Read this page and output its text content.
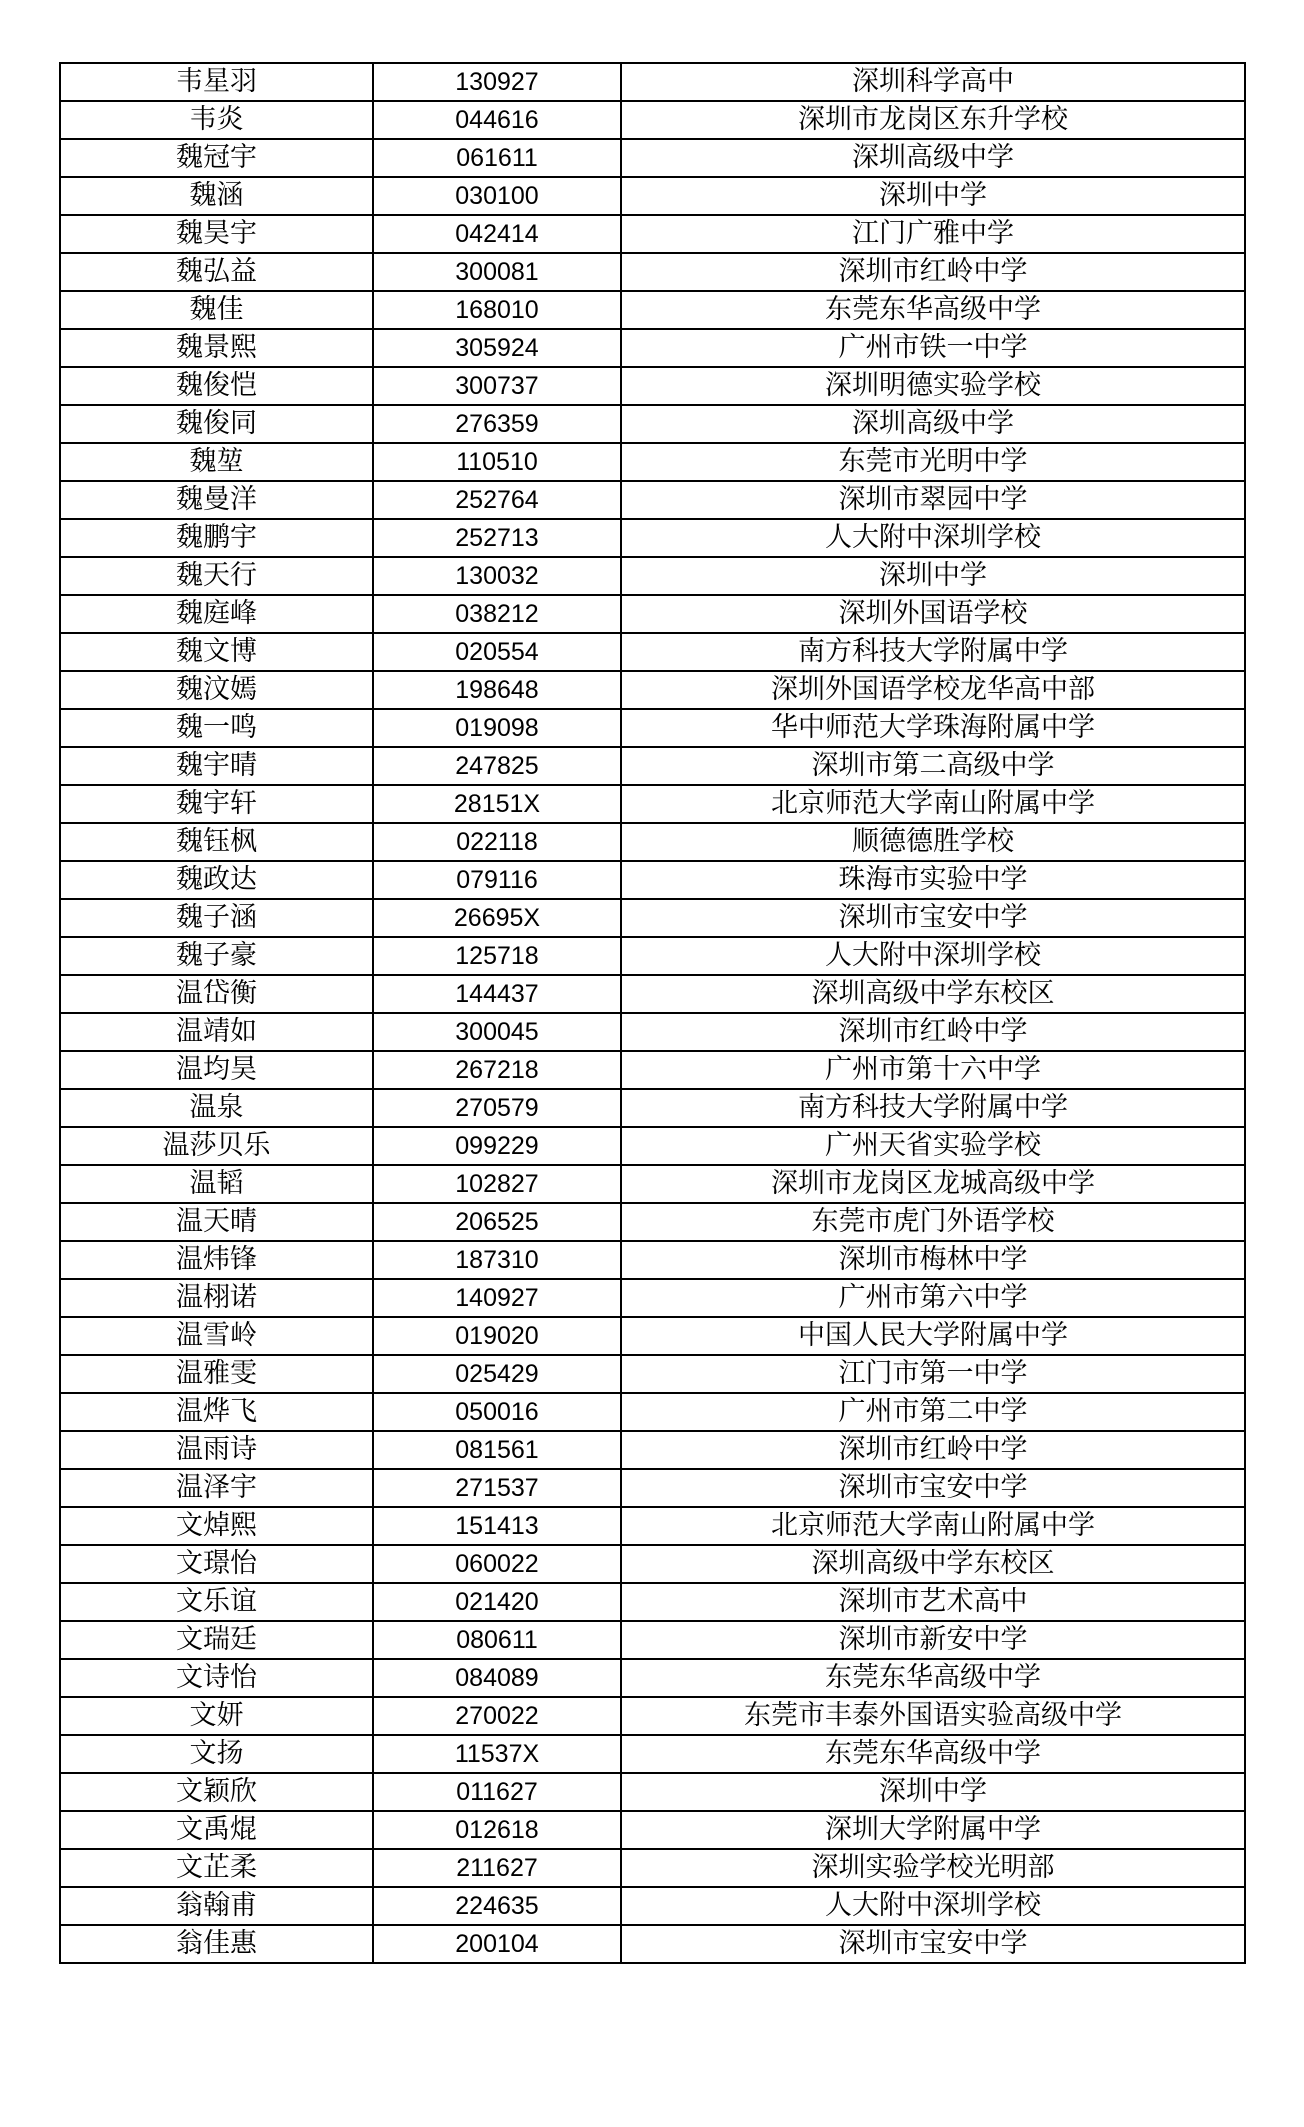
韦星羽	130927	深圳科学高中
韦炎	044616	深圳市龙岗区东升学校
魏冠宇	061611	深圳高级中学
魏涵	030100	深圳中学
魏昊宇	042414	江门广雅中学
魏弘益	300081	深圳市红岭中学
魏佳	168010	东莞东华高级中学
魏景熙	305924	广州市铁一中学
魏俊恺	300737	深圳明德实验学校
魏俊同	276359	深圳高级中学
魏堃	110510	东莞市光明中学
魏曼洋	252764	深圳市翠园中学
魏鹏宇	252713	人大附中深圳学校
魏天行	130032	深圳中学
魏庭峰	038212	深圳外国语学校
魏文博	020554	南方科技大学附属中学
魏汶嫣	198648	深圳外国语学校龙华高中部
魏一鸣	019098	华中师范大学珠海附属中学
魏宇晴	247825	深圳市第二高级中学
魏宇轩	28151X	北京师范大学南山附属中学
魏钰枫	022118	顺德德胜学校
魏政达	079116	珠海市实验中学
魏子涵	26695X	深圳市宝安中学
魏子豪	125718	人大附中深圳学校
温岱衡	144437	深圳高级中学东校区
温靖如	300045	深圳市红岭中学
温均昊	267218	广州市第十六中学
温泉	270579	南方科技大学附属中学
温莎贝乐	099229	广州天省实验学校
温韬	102827	深圳市龙岗区龙城高级中学
温天晴	206525	东莞市虎门外语学校
温炜锋	187310	深圳市梅林中学
温栩诺	140927	广州市第六中学
温雪岭	019020	中国人民大学附属中学
温雅雯	025429	江门市第一中学
温烨飞	050016	广州市第二中学
温雨诗	081561	深圳市红岭中学
温泽宇	271537	深圳市宝安中学
文焯熙	151413	北京师范大学南山附属中学
文璟怡	060022	深圳高级中学东校区
文乐谊	021420	深圳市艺术高中
文瑞廷	080611	深圳市新安中学
文诗怡	084089	东莞东华高级中学
文妍	270022	东莞市丰泰外国语实验高级中学
文扬	11537X	东莞东华高级中学
文颖欣	011627	深圳中学
文禹焜	012618	深圳大学附属中学
文芷柔	211627	深圳实验学校光明部
翁翰甫	224635	人大附中深圳学校
翁佳惠	200104	深圳市宝安中学
